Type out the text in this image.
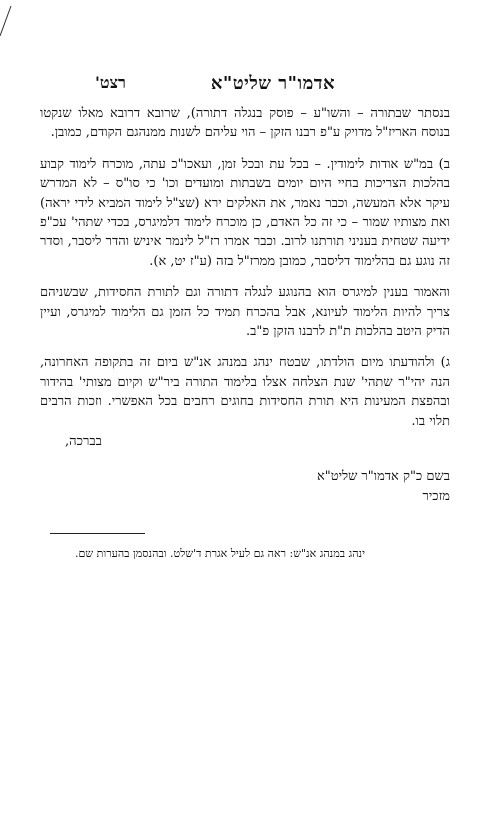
אדמו"ר שליט"א
רצט'

בנסתר שבתורה – והשו"ע – פוסק בנגלה דתורה), שרובא דרובא מאלו שנקטו בנוסח האריז"ל מדויק ע"פ רבנו הזקן – הוי עליהם לשנות ממנהגם הקודם, כמובן.

ב) במ"ש אודות לימודין. – בכל עת ובכל זמן, ועאכו"כ עתה, מוכרח לימוד קבוע בהלכות הצריכות בחיי היום יומים בשבתות ומועדים וכו' כי סו"ס – לא המדרש עיקר אלא המעשה, וכבר נאמר, את האלקים ירא (שצ"ל לימוד המביא לידי יראה) ואת מצותיו שמור – כי זה כל האדם, כן מוכרח לימוד דלמיגרס, בכדי שתהי' עכ"פ ידיעה שטחית בעניני תורתנו לרוב. וכבר אמרו רז"ל לינמר איניש והדר ליסבר, וסדר זה נוגע גם בהלימוד דליסבר, כמובן ממרז"ל בזה (ע"ז יט, א).

והאמור בענין למיגרס הוא בהנוגע לנגלה דתורה וגם לתורת החסידות, שבשניהם צריך להיות הלימוד לעיונא, אבל בהכרח תמיד כל הזמן גם הלימוד למיגרס, ועיין הדיק היטב בהלכות ת"ת לרבנו הזקן פ"ב.

ג) ולהודעתו מיום הולדתו, שבטח ינהג במנהג אנ"ש ביום זה בתקופה האחרונה, הנה יהי"ר שתהי' שנת הצלחה אצלו בלימוד התורה ביר"ש וקיום מצותי' בהידור ובהפצת המעינות היא תורת החסידות בחוגים רחבים בכל האפשרי. וזכות הרבים תלוי בו.

בברכה,

בשם כ"ק אדמו"ר שליט"א

מזכיר

ינהג במנהג אנ"ש: ראה גם לעיל אגרת ד'שלט. ובהנסמן בהערות שם.
